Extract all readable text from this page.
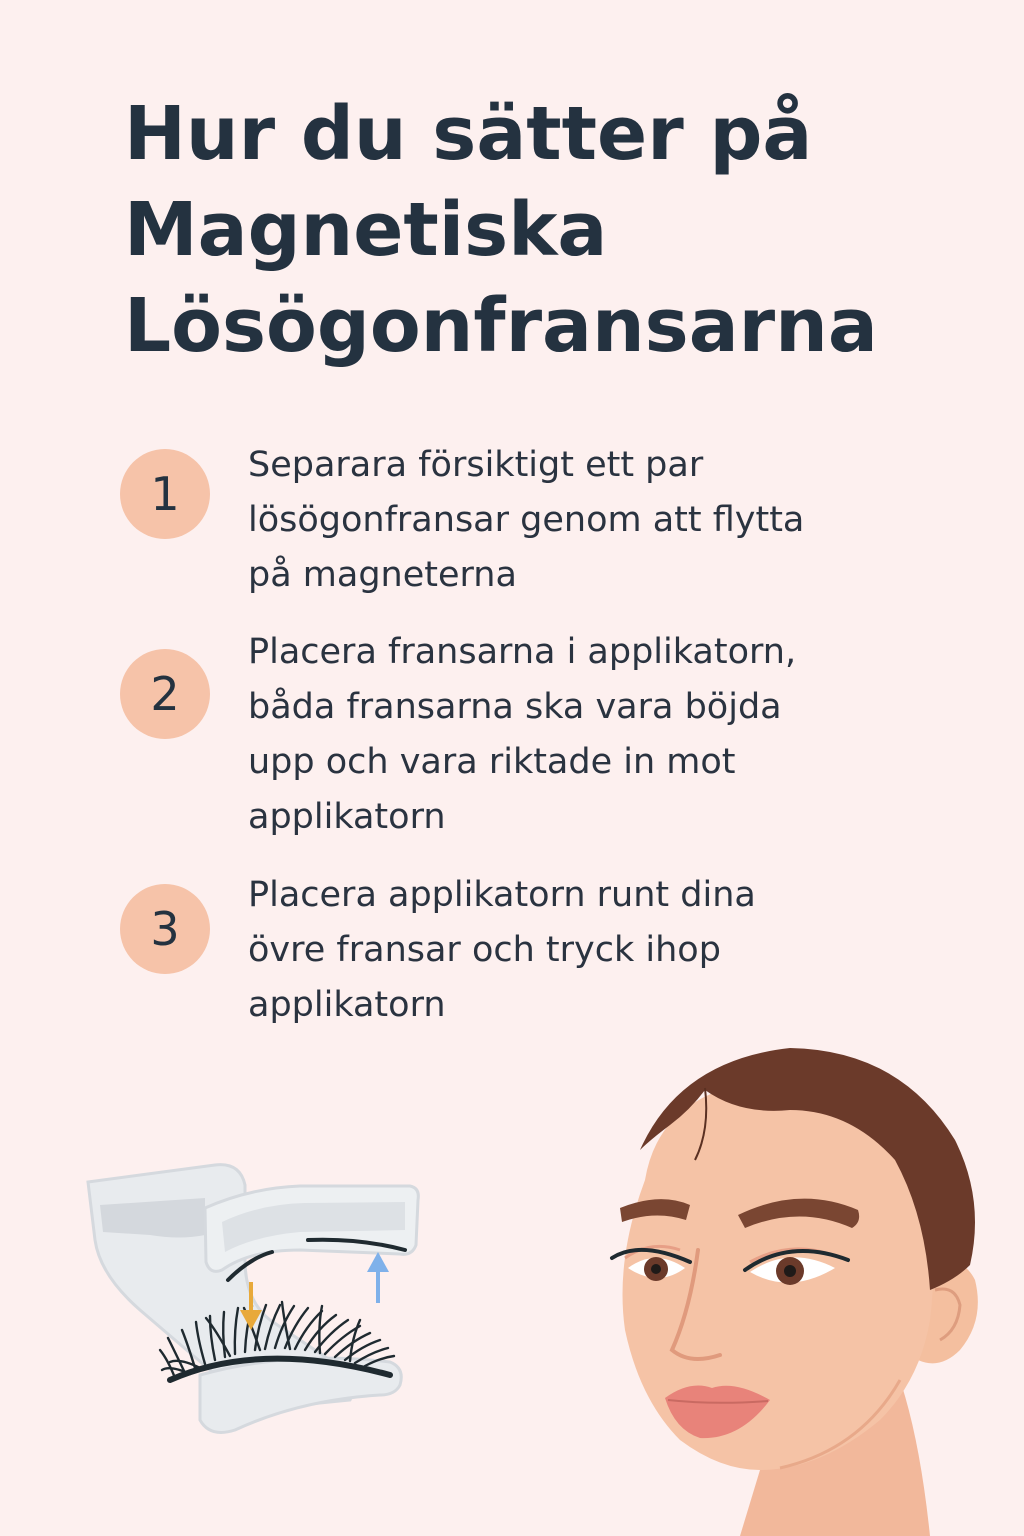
Hur du sätter på
Magnetiska
Lösögonfransarna
1

Separara försiktigt ett par
lösögonfransar genom att flytta
på magneterna

2

Placera fransarna i applikatorn,
båda fransarna ska vara böjda
upp och vara riktade in mot
applikatorn

3

Placera applikatorn runt dina
övre fransar och tryck ihop
applikatorn
